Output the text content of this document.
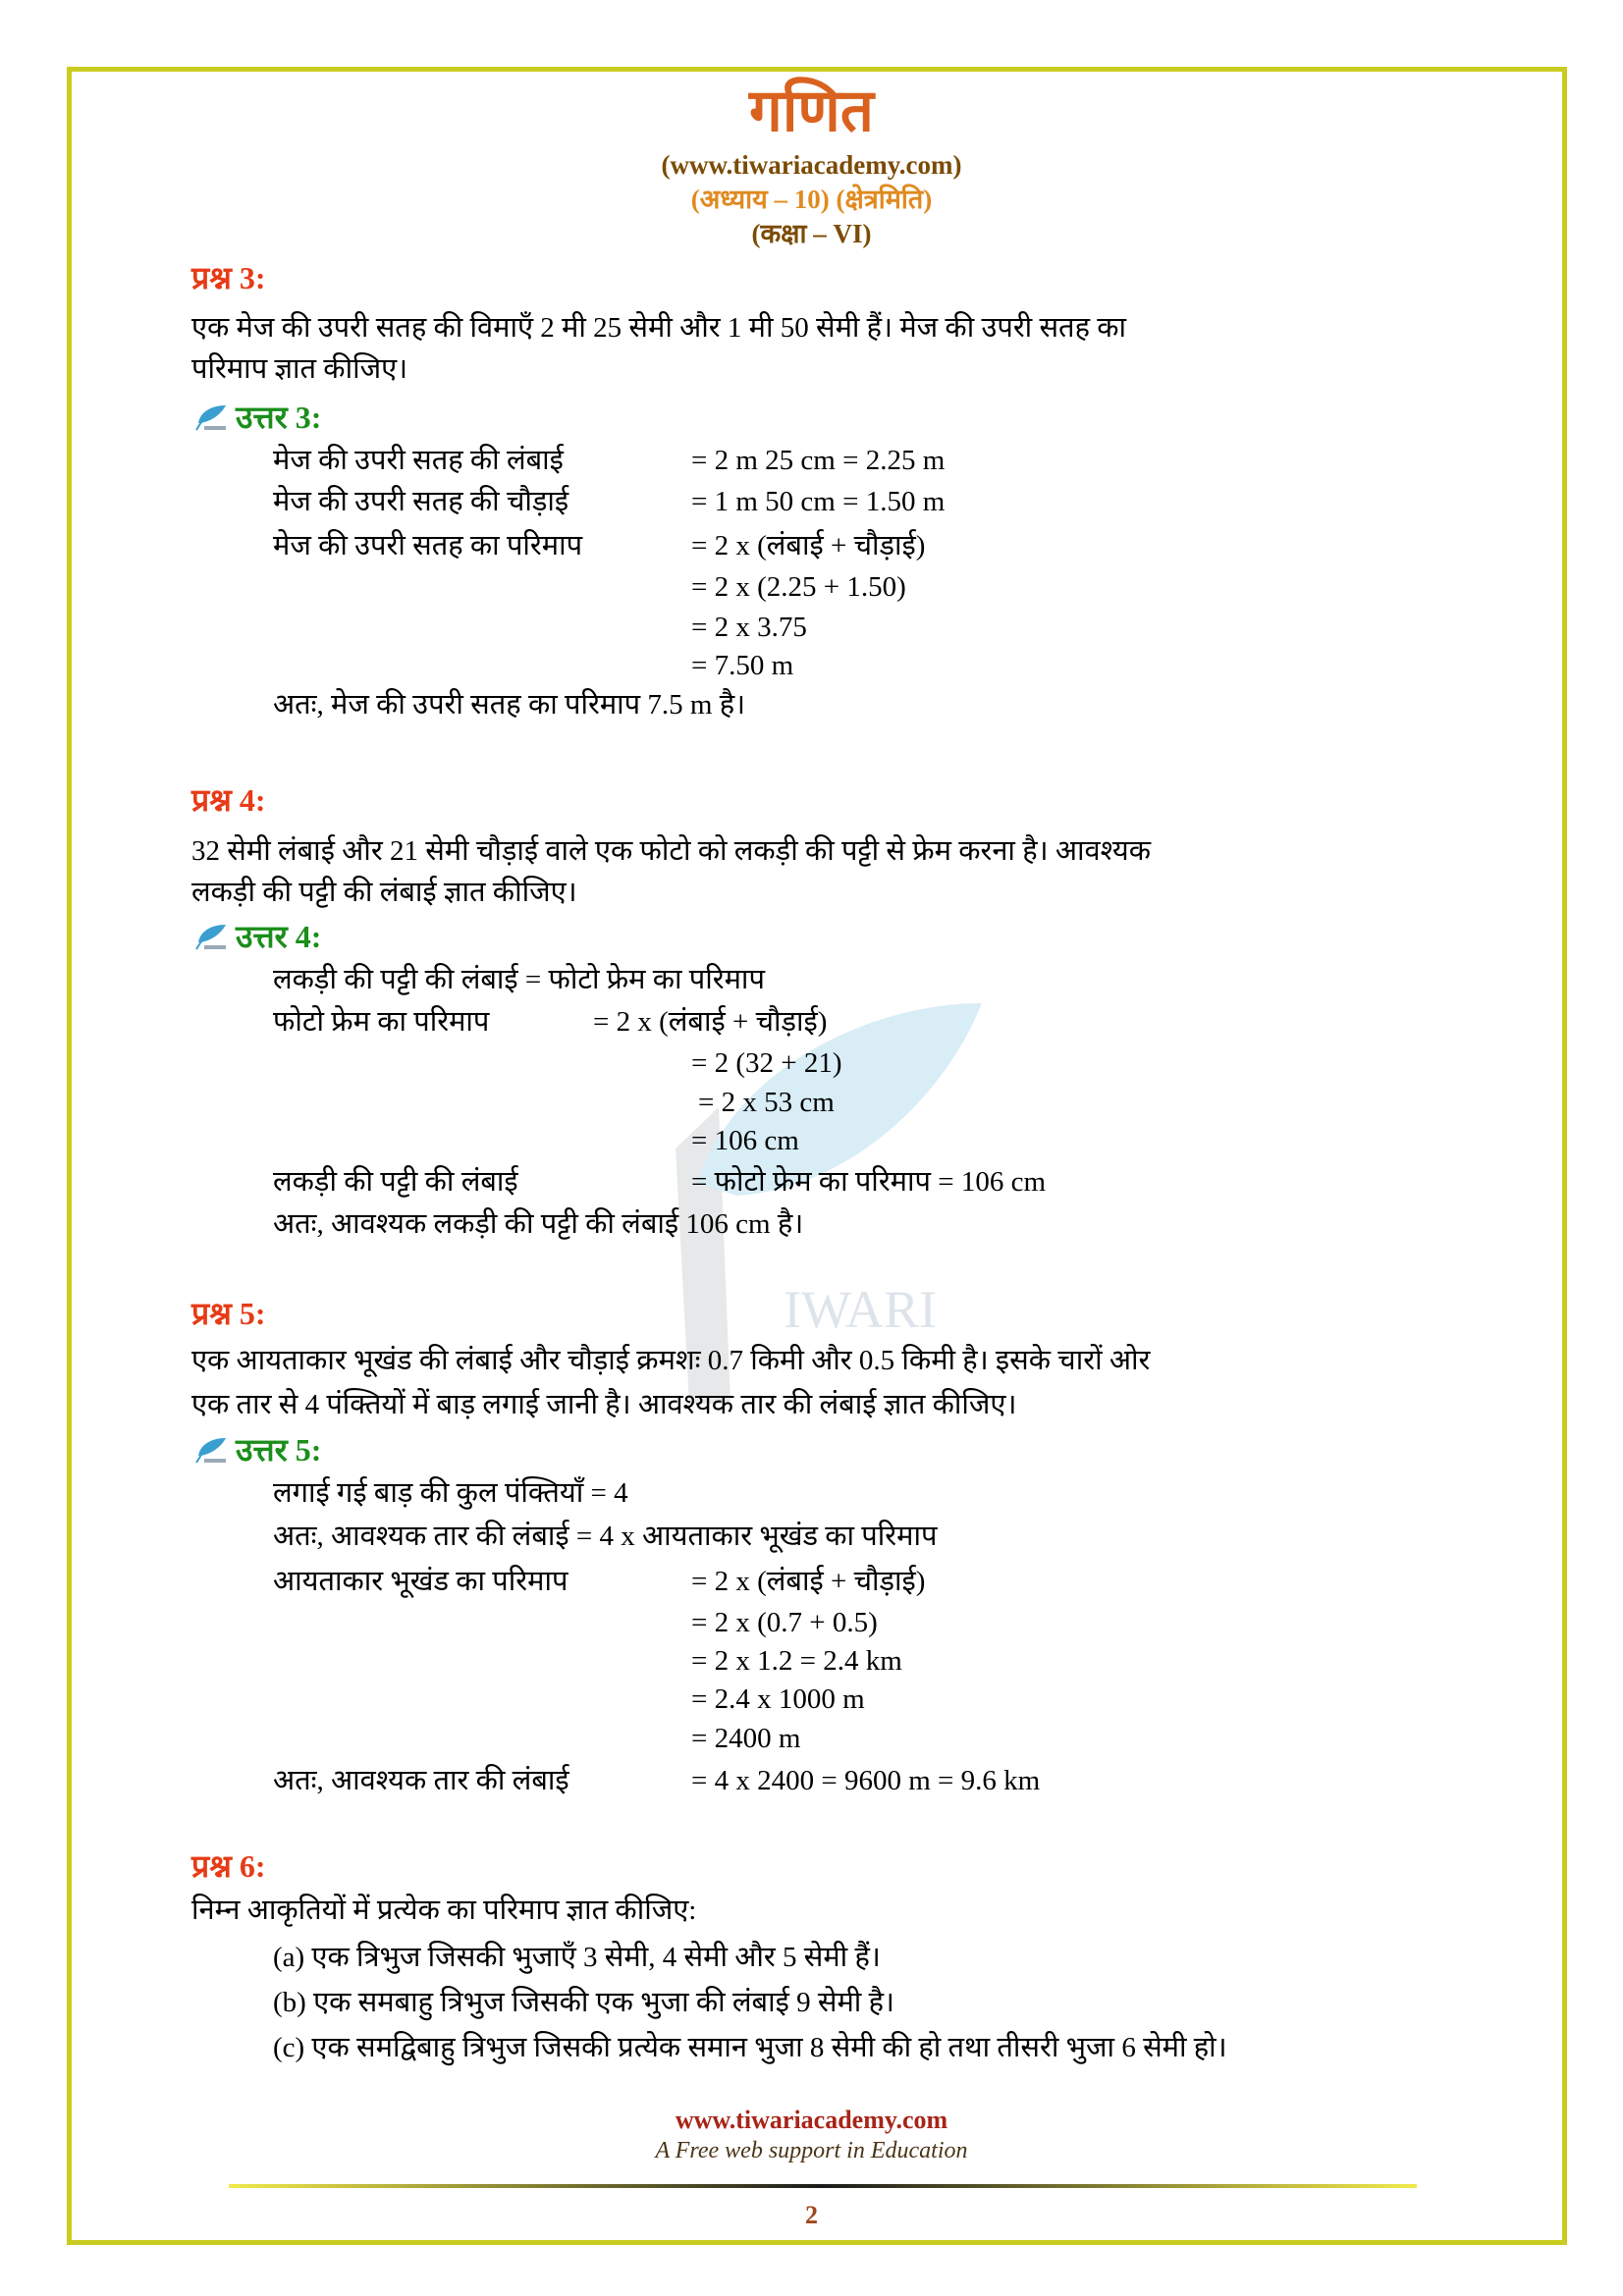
IWARI
गणित
(www.tiwariacademy.com)
(अध्याय – 10) (क्षेत्रमिति)
(कक्षा – VI)
प्रश्न 3:
एक मेज की उपरी सतह की विमाएँ 2 मी 25 सेमी और 1 मी 50 सेमी हैं। मेज की उपरी सतह का
परिमाप ज्ञात कीजिए।
उत्तर 3:
मेज की उपरी सतह की लंबाई	= 2 m 25 cm = 2.25 m
मेज की उपरी सतह की चौड़ाई	= 1 m 50 cm = 1.50 m
मेज की उपरी सतह का परिमाप	= 2 x (लंबाई + चौड़ाई)
= 2 x (2.25 + 1.50)
= 2 x 3.75
= 7.50 m
अतः, मेज की उपरी सतह का परिमाप 7.5 m है।
प्रश्न 4:
32 सेमी लंबाई और 21 सेमी चौड़ाई वाले एक फोटो को लकड़ी की पट्टी से फ्रेम करना है। आवश्यक
लकड़ी की पट्टी की लंबाई ज्ञात कीजिए।
उत्तर 4:
लकड़ी की पट्टी की लंबाई = फोटो फ्रेम का परिमाप
फोटो फ्रेम का परिमाप	= 2 x (लंबाई + चौड़ाई)
= 2 (32 + 21)
= 2 x 53 cm
= 106 cm
लकड़ी की पट्टी की लंबाई	= फोटो फ्रेम का परिमाप = 106 cm
अतः, आवश्यक लकड़ी की पट्टी की लंबाई 106 cm है।
प्रश्न 5:
एक आयताकार भूखंड की लंबाई और चौड़ाई क्रमशः 0.7 किमी और 0.5 किमी है। इसके चारों ओर
एक तार से 4 पंक्तियों में बाड़ लगाई जानी है। आवश्यक तार की लंबाई ज्ञात कीजिए।
उत्तर 5:
लगाई गई बाड़ की कुल पंक्तियाँ = 4
अतः, आवश्यक तार की लंबाई = 4 x आयताकार भूखंड का परिमाप
आयताकार भूखंड का परिमाप	= 2 x (लंबाई + चौड़ाई)
= 2 x (0.7 + 0.5)
= 2 x 1.2 = 2.4 km
= 2.4 x 1000 m
= 2400 m
अतः, आवश्यक तार की लंबाई	= 4 x 2400 = 9600 m = 9.6 km
प्रश्न 6:
निम्न आकृतियों में प्रत्येक का परिमाप ज्ञात कीजिए:
(a) एक त्रिभुज जिसकी भुजाएँ 3 सेमी, 4 सेमी और 5 सेमी हैं।
(b) एक समबाहु त्रिभुज जिसकी एक भुजा की लंबाई 9 सेमी है।
(c) एक समद्विबाहु त्रिभुज जिसकी प्रत्येक समान भुजा 8 सेमी की हो तथा तीसरी भुजा 6 सेमी हो।
www.tiwariacademy.com
A Free web support in Education
2
